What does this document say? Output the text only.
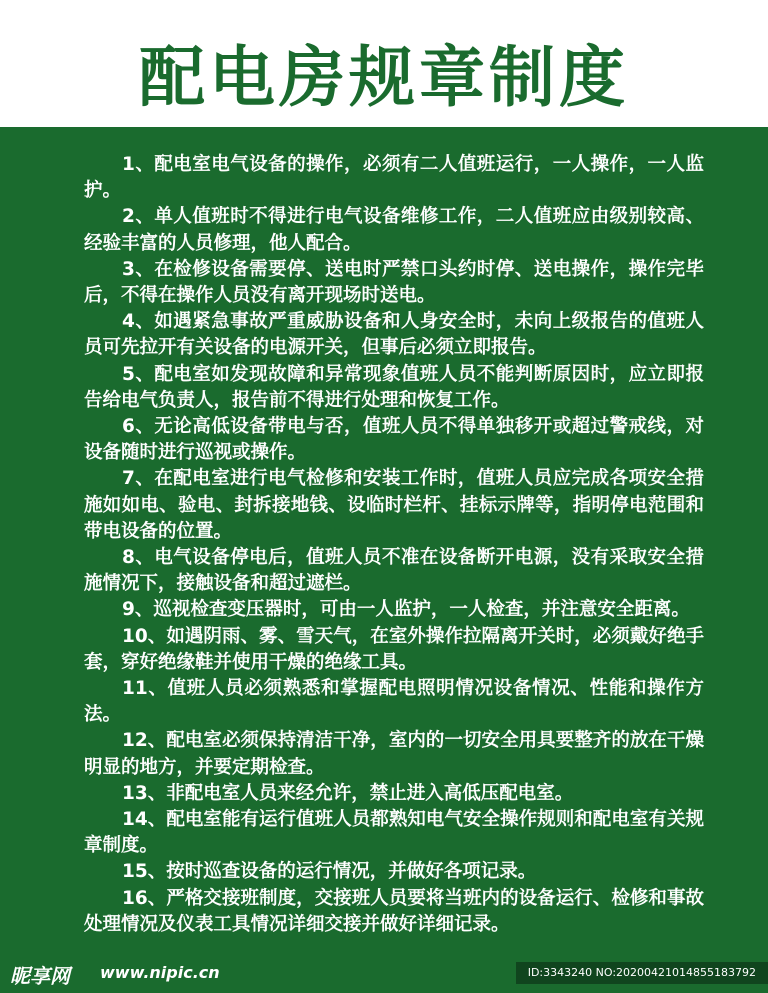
配电房规章制度
1、配电室电气设备的操作，必须有二人值班运行，一人操作，一人监护。
2、单人值班时不得进行电气设备维修工作，二人值班应由级别较高、经验丰富的人员修理，他人配合。
3、在检修设备需要停、送电时严禁口头约时停、送电操作，操作完毕后，不得在操作人员没有离开现场时送电。
4、如遇紧急事故严重威胁设备和人身安全时，未向上级报告的值班人员可先拉开有关设备的电源开关，但事后必须立即报告。
5、配电室如发现故障和异常现象值班人员不能判断原因时，应立即报告给电气负责人，报告前不得进行处理和恢复工作。
6、无论高低设备带电与否，值班人员不得单独移开或超过警戒线，对设备随时进行巡视或操作。
7、在配电室进行电气检修和安装工作时，值班人员应完成各项安全措施如如电、验电、封拆接地钱、设临时栏杆、挂标示牌等，指明停电范围和带电设备的位置。
8、电气设备停电后，值班人员不准在设备断开电源，没有采取安全措施情况下，接触设备和超过遮栏。
9、巡视检查变压器时，可由一人监护，一人检查，并注意安全距离。
10、如遇阴雨、雾、雪天气，在室外操作拉隔离开关时，必须戴好绝手套，穿好绝缘鞋并使用干燥的绝缘工具。
11、值班人员必须熟悉和掌握配电照明情况设备情况、性能和操作方法。
12、配电室必须保持清洁干净，室内的一切安全用具要整齐的放在干燥明显的地方，并要定期检查。
13、非配电室人员来经允许，禁止进入高低压配电室。
14、配电室能有运行值班人员都熟知电气安全操作规则和配电室有关规章制度。
15、按时巡查设备的运行情况，并做好各项记录。
16、严格交接班制度，交接班人员要将当班内的设备运行、检修和事故处理情况及仪表工具情况详细交接并做好详细记录。
昵享网 www.nipic.cn	ID:3343240 NO:20200421014855183792
